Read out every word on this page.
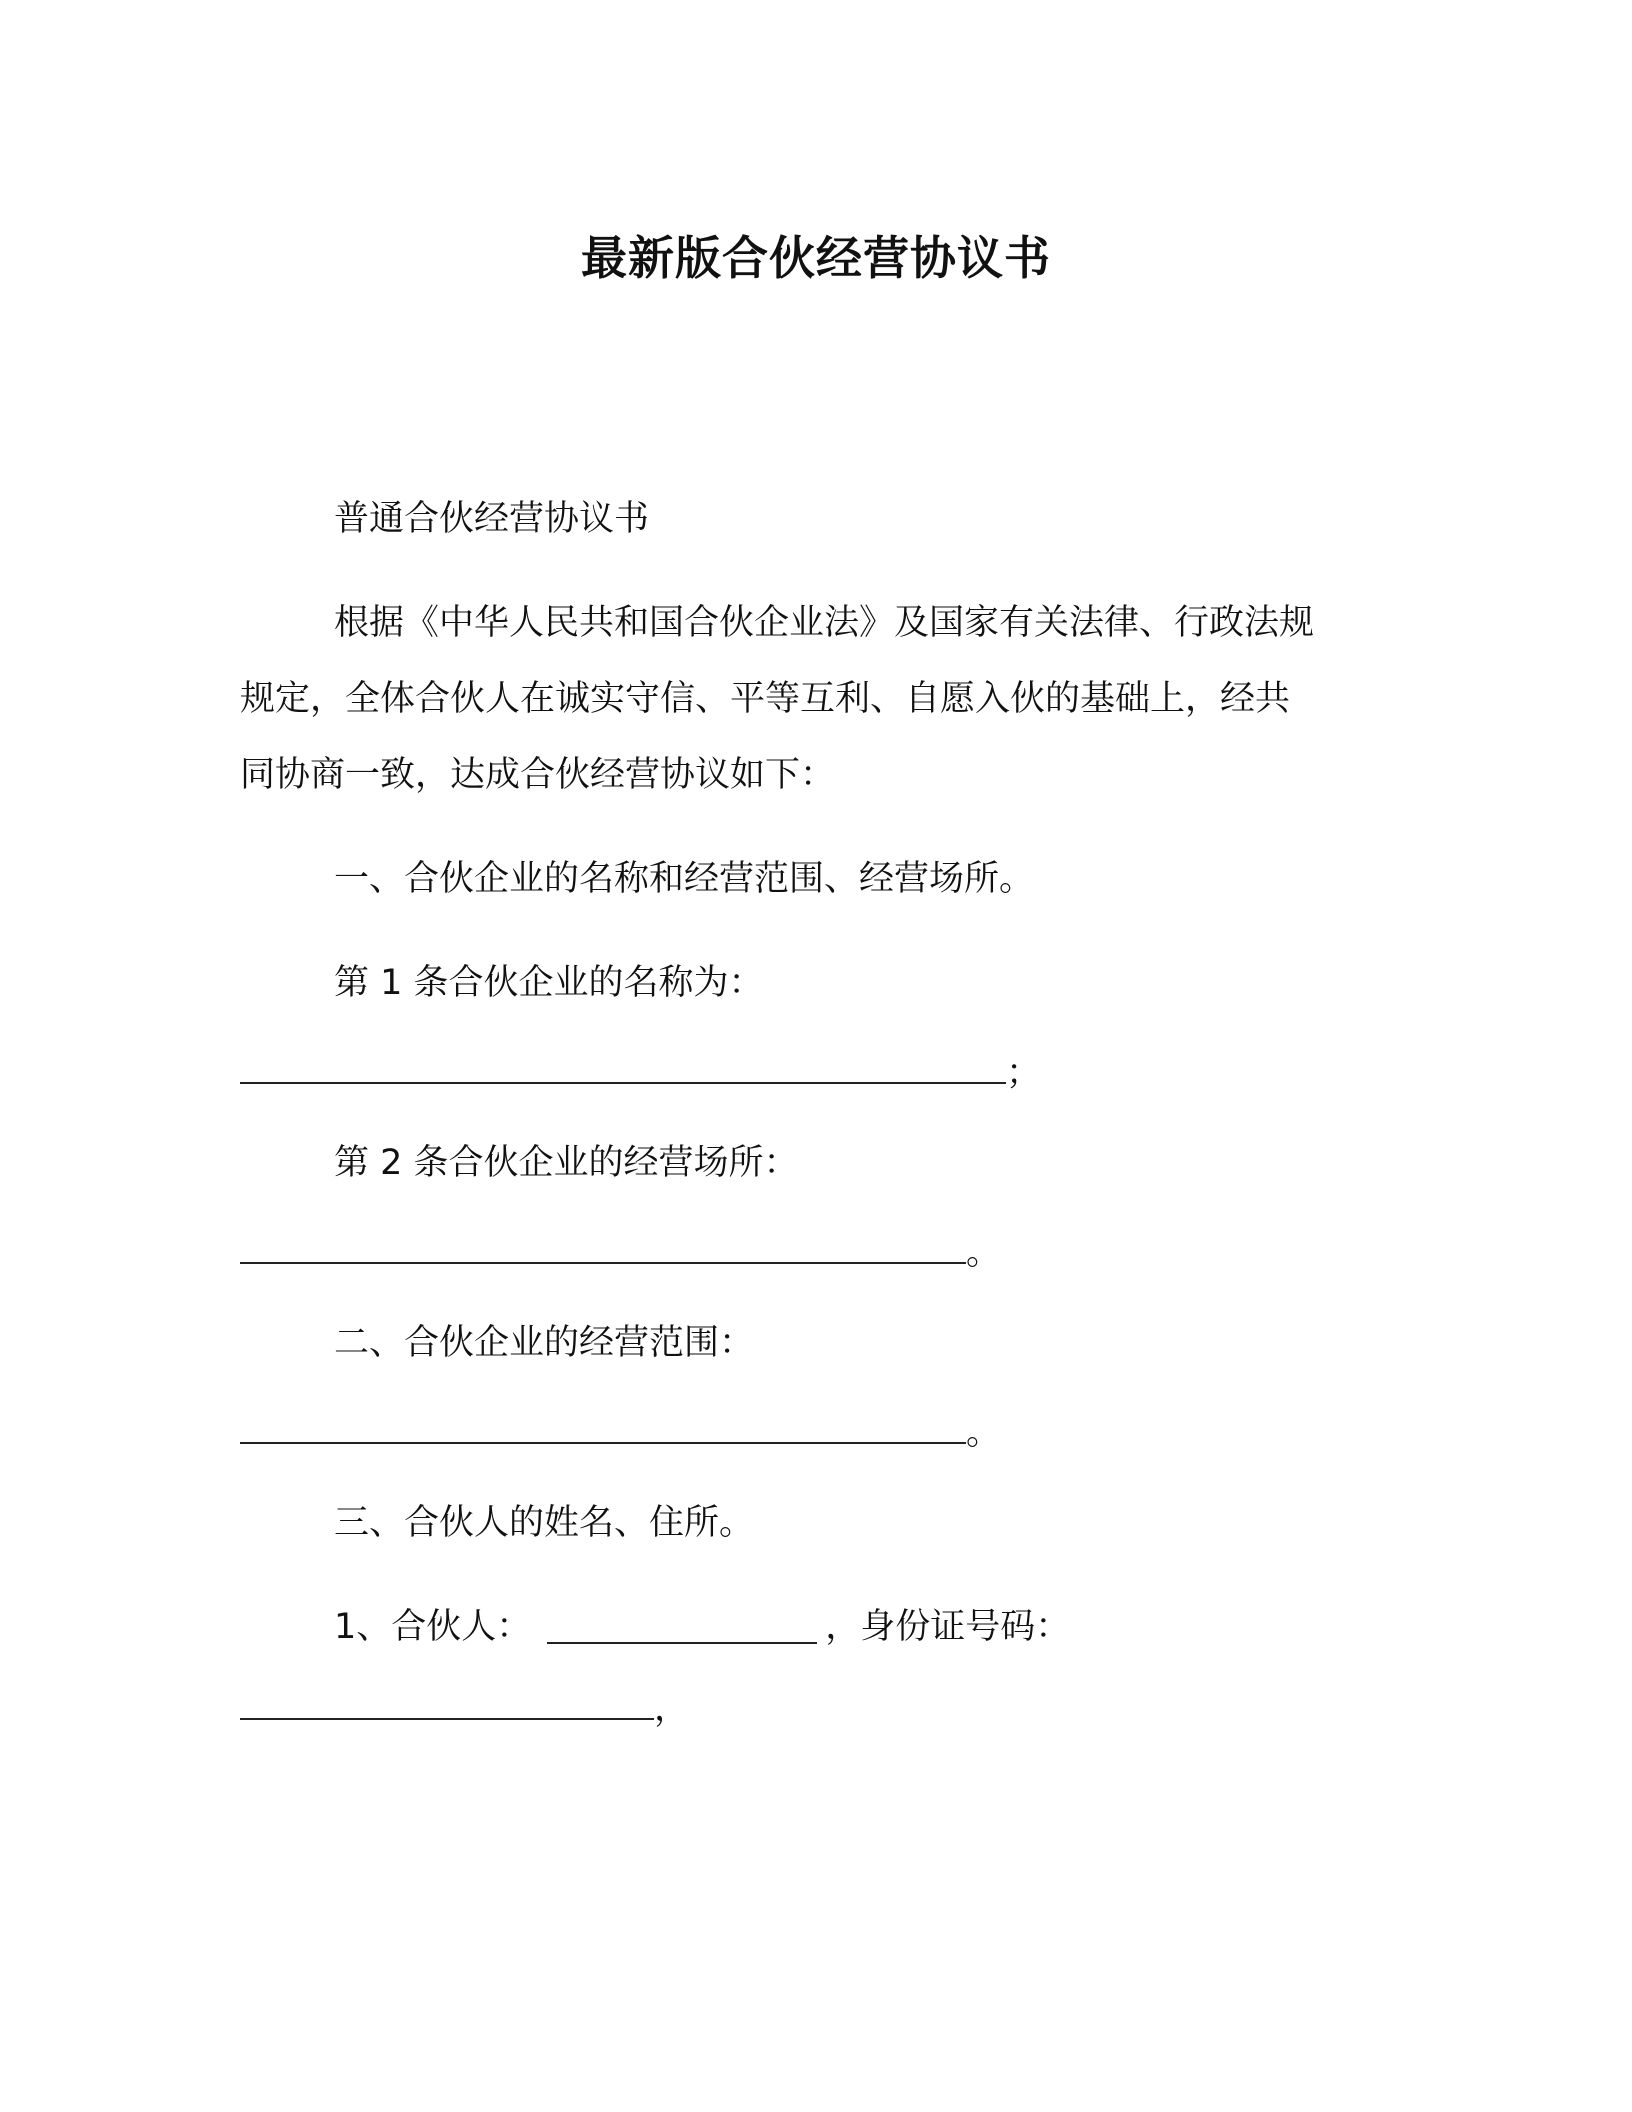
最新版合伙经营协议书
普通合伙经营协议书
根据《中华人民共和国合伙企业法》及国家有关法律、行政法规
规定，全体合伙人在诚实守信、平等互利、自愿入伙的基础上，经共
同协商一致，达成合伙经营协议如下：
一、合伙企业的名称和经营范围、经营场所。
第 1 条合伙企业的名称为：
；
第 2 条合伙企业的经营场所：
。
二、合伙企业的经营范围：
。
三、合伙人的姓名、住所。
1、合伙人：	，身份证号码：
，
